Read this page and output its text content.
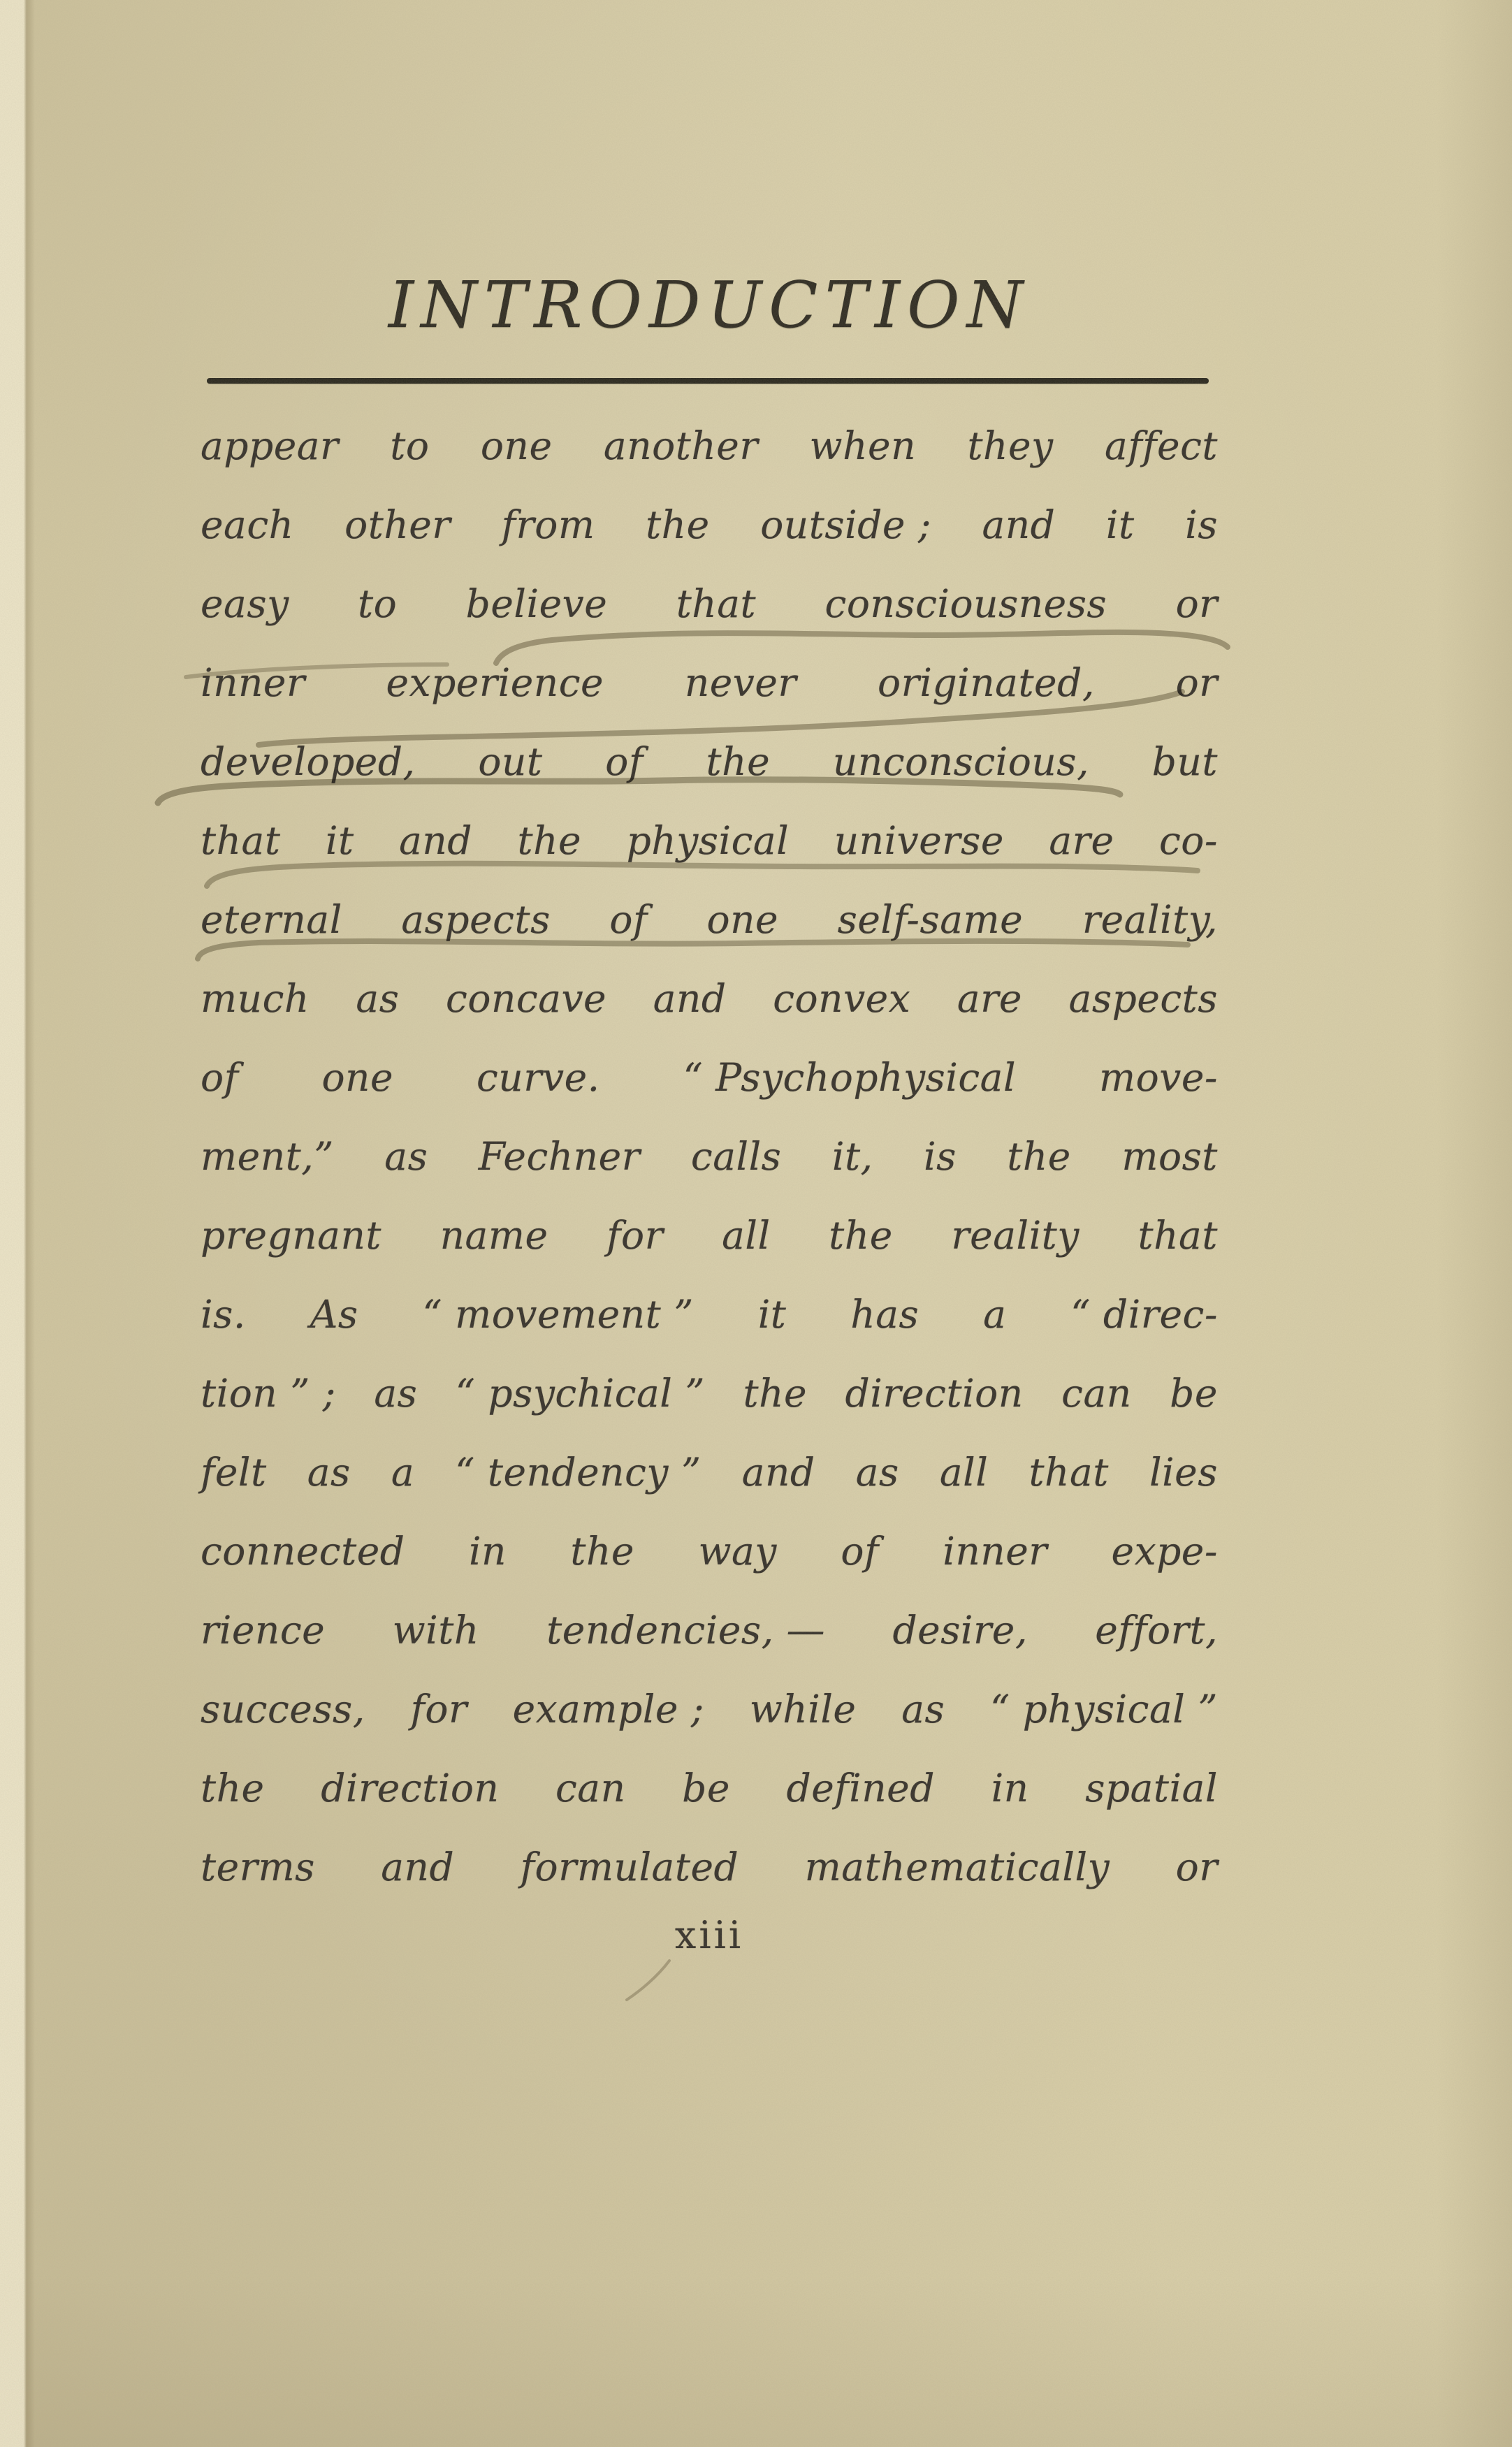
INTRODUCTION
appear to one another when they affect
each other from the outside ; and it is
easy to believe that consciousness or
inner experience never originated, or
developed, out of the unconscious, but
that it and the physical universe are co-
eternal aspects of one self-same reality,
much as concave and convex are aspects
of one curve. “ Psychophysical move-
ment,” as Fechner calls it, is the most
pregnant name for all the reality that
is. As “ movement ” it has a “ direc-
tion ” ; as “ psychical ” the direction can be
felt as a “ tendency ” and as all that lies
connected in the way of inner expe-
rience with tendencies, — desire, effort,
success, for example ; while as “ physical ”
the direction can be defined in spatial
terms and formulated mathematically or
xiii
